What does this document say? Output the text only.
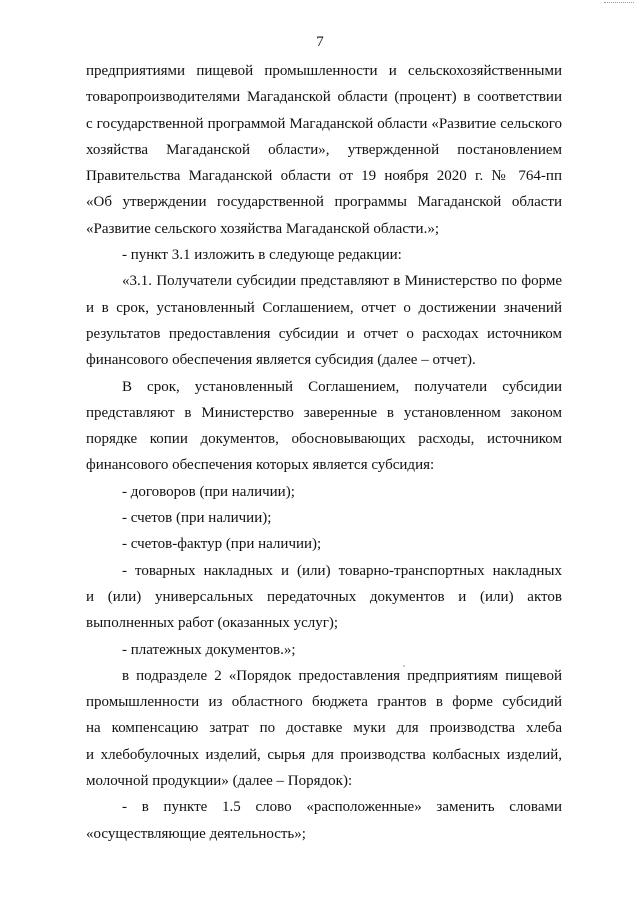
7
предприятиями пищевой промышленности и сельскохозяйственными
товаропроизводителями Магаданской области (процент) в соответствии
с государственной программой Магаданской области «Развитие сельского
хозяйства Магаданской области», утвержденной постановлением
Правительства Магаданской области от 19 ноября 2020 г. № 764-пп
«Об утверждении государственной программы Магаданской области
«Развитие сельского хозяйства Магаданской области.»;
- пункт 3.1 изложить в следующе редакции:
«3.1. Получатели субсидии представляют в Министерство по форме
и в срок, установленный Соглашением, отчет о достижении значений
результатов предоставления субсидии и отчет о расходах источником
финансового обеспечения является субсидия (далее – отчет).
В срок, установленный Соглашением, получатели субсидии
представляют в Министерство заверенные в установленном законом
порядке копии документов, обосновывающих расходы, источником
финансового обеспечения которых является субсидия:
- договоров (при наличии);
- счетов (при наличии);
- счетов-фактур (при наличии);
- товарных накладных и (или) товарно-транспортных накладных
и (или) универсальных передаточных документов и (или) актов
выполненных работ (оказанных услуг);
- платежных документов.»;
в подразделе 2 «Порядок предоставления предприятиям пищевой
промышленности из областного бюджета грантов в форме субсидий
на компенсацию затрат по доставке муки для производства хлеба
и хлебобулочных изделий, сырья для производства колбасных изделий,
молочной продукции» (далее – Порядок):
- в пункте 1.5 слово «расположенные» заменить словами
«осуществляющие деятельность»;
